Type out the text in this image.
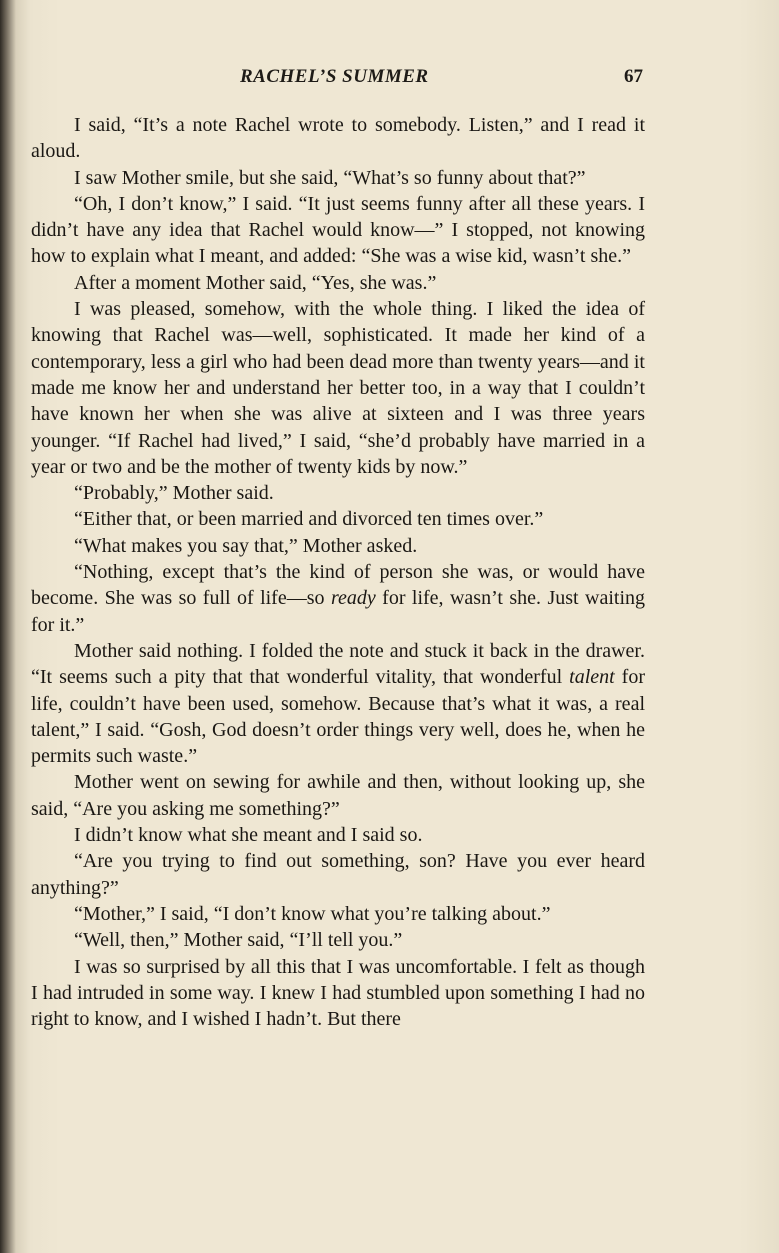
RACHEL’S SUMMER	67

I said, “It’s a note Rachel wrote to somebody. Listen,” and I read it aloud.

I saw Mother smile, but she said, “What’s so funny about that?”

“Oh, I don’t know,” I said. “It just seems funny after all these years. I didn’t have any idea that Rachel would know—” I stopped, not knowing how to explain what I meant, and added: “She was a wise kid, wasn’t she.”

After a moment Mother said, “Yes, she was.”

I was pleased, somehow, with the whole thing. I liked the idea of knowing that Rachel was—well, sophisticated. It made her kind of a contemporary, less a girl who had been dead more than twenty years—and it made me know her and understand her better too, in a way that I couldn’t have known her when she was alive at sixteen and I was three years younger. “If Rachel had lived,” I said, “she’d probably have married in a year or two and be the mother of twenty kids by now.”

“Probably,” Mother said.

“Either that, or been married and divorced ten times over.”

“What makes you say that,” Mother asked.

“Nothing, except that’s the kind of person she was, or would have become. She was so full of life—so ready for life, wasn’t she. Just waiting for it.”

Mother said nothing. I folded the note and stuck it back in the drawer. “It seems such a pity that that wonderful vitality, that wonderful talent for life, couldn’t have been used, somehow. Because that’s what it was, a real talent,” I said. “Gosh, God doesn’t order things very well, does he, when he permits such waste.”

Mother went on sewing for awhile and then, without looking up, she said, “Are you asking me something?”

I didn’t know what she meant and I said so.

“Are you trying to find out something, son? Have you ever heard anything?”

“Mother,” I said, “I don’t know what you’re talking about.”

“Well, then,” Mother said, “I’ll tell you.”

I was so surprised by all this that I was uncomfortable. I felt as though I had intruded in some way. I knew I had stumbled upon something I had no right to know, and I wished I hadn’t. But there
